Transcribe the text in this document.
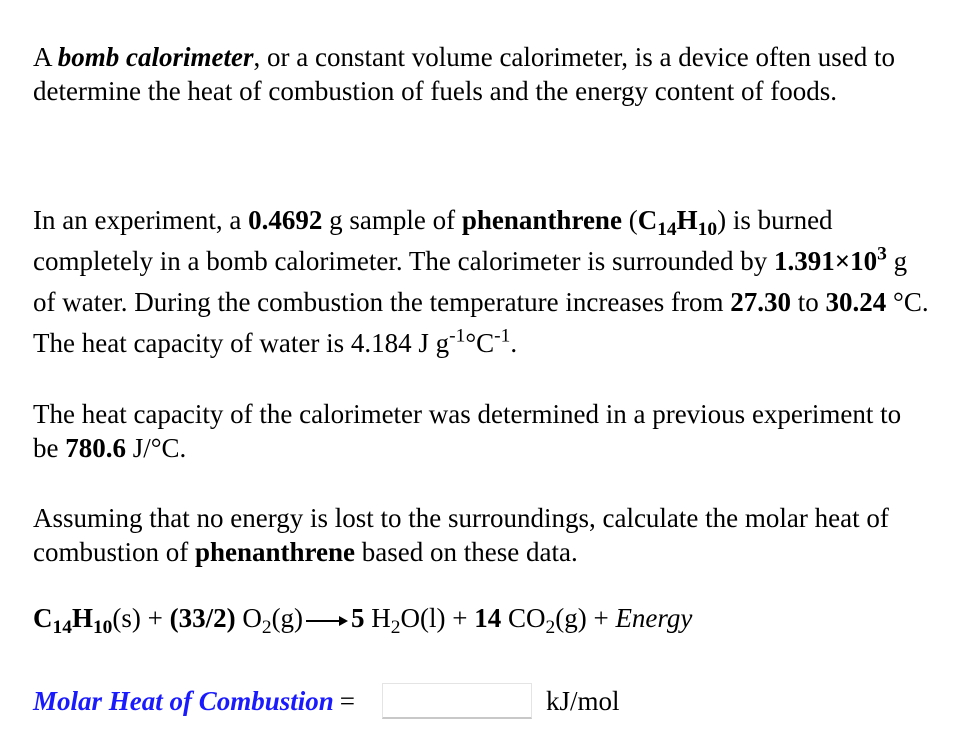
A bomb calorimeter, or a constant volume calorimeter, is a device often used to determine the heat of combustion of fuels and the energy content of foods.

In an experiment, a 0.4692 g sample of phenanthrene $(C_{14}H_{10})$ is burned completely in a bomb calorimeter. The calorimeter is surrounded by $1.391\times 10^3$ g of water. During the combustion the temperature increases from 27.30 to 30.24 °C. The heat capacity of water is 4.184 J $g^{-1}^\circ C^{-1}$.

The heat capacity of the calorimeter was determined in a previous experiment to be 780.6 J/°C.

Assuming that no energy is lost to the surroundings, calculate the molar heat of combustion of phenanthrene based on these data.

$C_{14}H_{10}(s) + (33/2)$ $O_2(g)$ 5 $H_2O(l) + 14$ $CO_2(g)$ + Energy

Molar Heat of Combustion =	kJ/mol
